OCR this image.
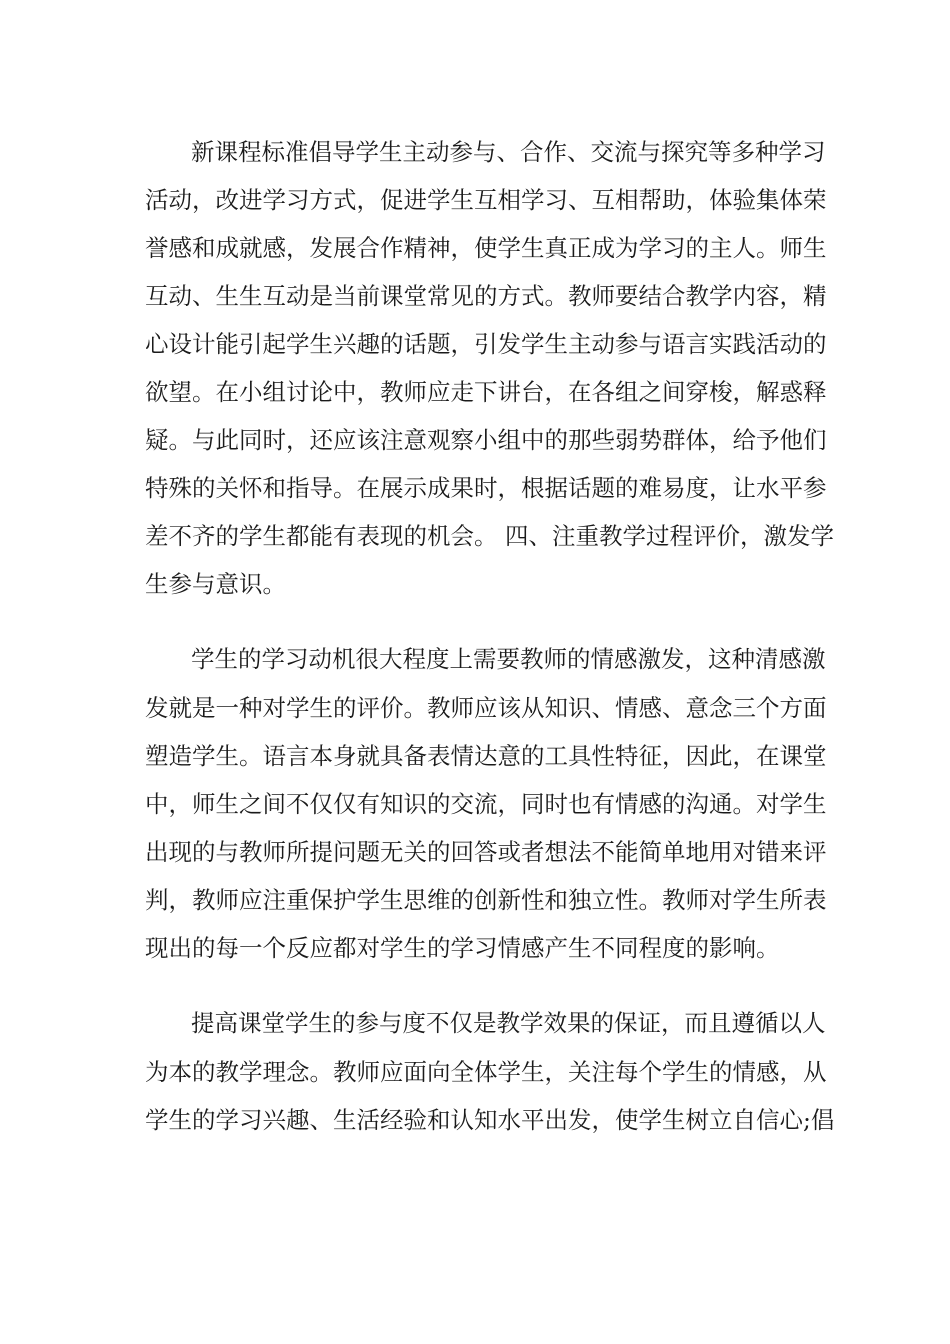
新课程标准倡导学生主动参与、合作、交流与探究等多种学习
活动，改进学习方式，促进学生互相学习、互相帮助，体验集体荣
誉感和成就感，发展合作精神，使学生真正成为学习的主人。师生
互动、生生互动是当前课堂常见的方式。教师要结合教学内容，精
心设计能引起学生兴趣的话题，引发学生主动参与语言实践活动的
欲望。在小组讨论中，教师应走下讲台，在各组之间穿梭，解惑释
疑。与此同时，还应该注意观察小组中的那些弱势群体，给予他们
特殊的关怀和指导。在展示成果时，根据话题的难易度，让水平参
差不齐的学生都能有表现的机会。 四、注重教学过程评价，激发学
生参与意识。
学生的学习动机很大程度上需要教师的情感激发，这种清感激
发就是一种对学生的评价。教师应该从知识、情感、意念三个方面
塑造学生。语言本身就具备表情达意的工具性特征，因此，在课堂
中，师生之间不仅仅有知识的交流，同时也有情感的沟通。对学生
出现的与教师所提问题无关的回答或者想法不能简单地用对错来评
判，教师应注重保护学生思维的创新性和独立性。教师对学生所表
现出的每一个反应都对学生的学习情感产生不同程度的影响。
提高课堂学生的参与度不仅是教学效果的保证，而且遵循以人
为本的教学理念。教师应面向全体学生，关注每个学生的情感，从
学生的学习兴趣、生活经验和认知水平出发，使学生树立自信心;倡
